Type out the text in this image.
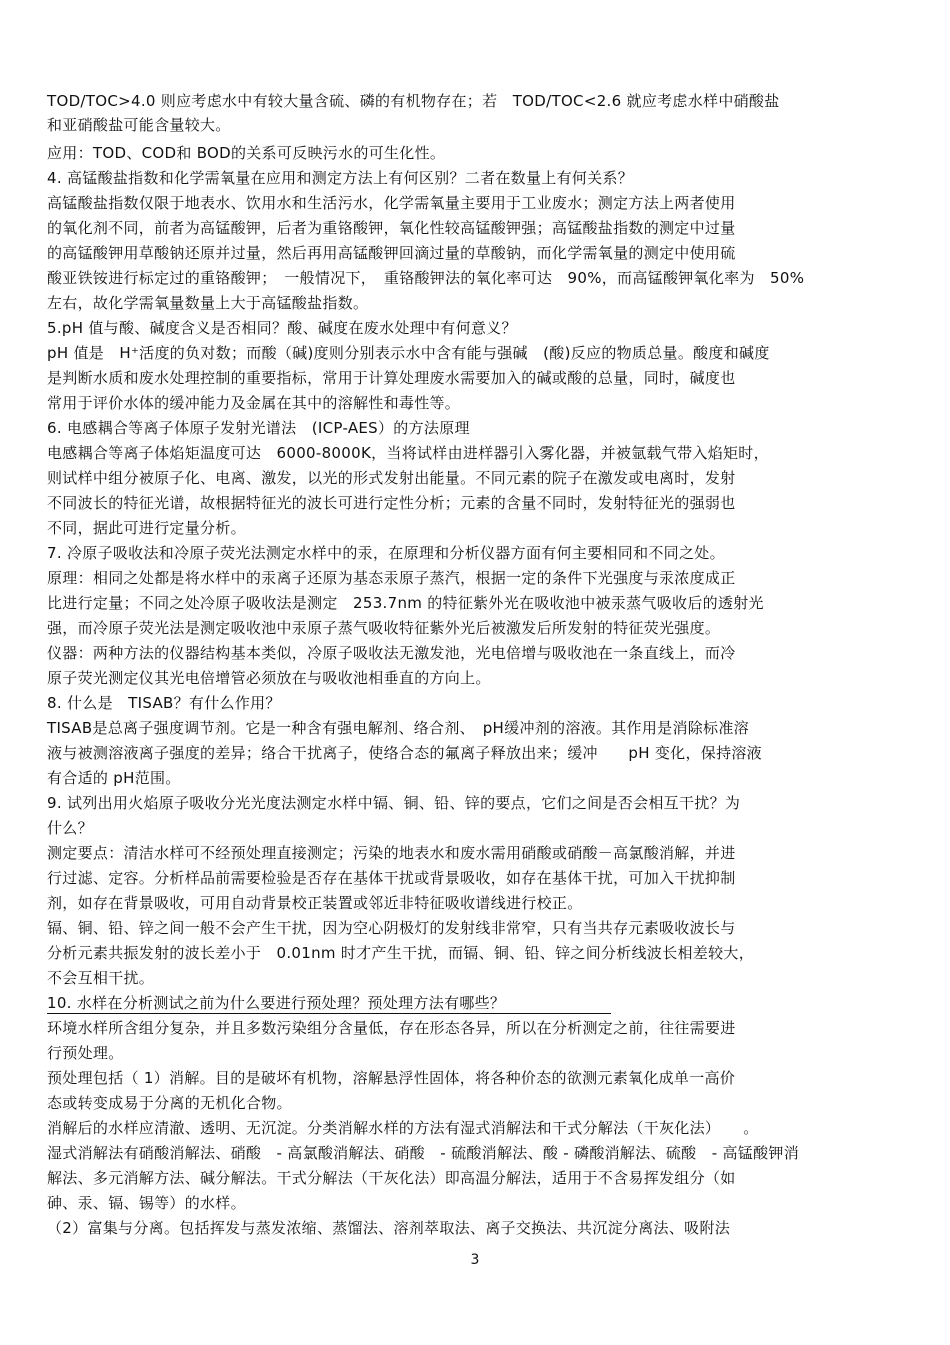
TOD/TOC>4.0 则应考虑水中有较大量含硫、磷的有机物存在；若　TOD/TOC<2.6 就应考虑水样中硝酸盐
和亚硝酸盐可能含量较大。
应用：TOD、COD和 BOD的关系可反映污水的可生化性。
4. 高锰酸盐指数和化学需氧量在应用和测定方法上有何区别？二者在数量上有何关系？
高锰酸盐指数仅限于地表水、饮用水和生活污水，化学需氧量主要用于工业废水；测定方法上两者使用
的氧化剂不同，前者为高锰酸钾，后者为重铬酸钾，氧化性较高锰酸钾强；高锰酸盐指数的测定中过量
的高锰酸钾用草酸钠还原并过量，然后再用高锰酸钾回滴过量的草酸钠，而化学需氧量的测定中使用硫
酸亚铁铵进行标定过的重铬酸钾；　一般情况下，　重铬酸钾法的氧化率可达　90%，而高锰酸钾氧化率为　50%
左右，故化学需氧量数量上大于高锰酸盐指数。
5.pH 值与酸、碱度含义是否相同？酸、碱度在废水处理中有何意义？
pH 值是　H⁺活度的负对数；而酸（碱)度则分别表示水中含有能与强碱　(酸)反应的物质总量。酸度和碱度
是判断水质和废水处理控制的重要指标，常用于计算处理废水需要加入的碱或酸的总量，同时，碱度也
常用于评价水体的缓冲能力及金属在其中的溶解性和毒性等。
6. 电感耦合等离子体原子发射光谱法　(ICP-AES）的方法原理
电感耦合等离子体焰矩温度可达　6000-8000K，当将试样由进样器引入雾化器，并被氩载气带入焰矩时，
则试样中组分被原子化、电离、激发，以光的形式发射出能量。不同元素的院子在激发或电离时，发射
不同波长的特征光谱，故根据特征光的波长可进行定性分析；元素的含量不同时，发射特征光的强弱也
不同，据此可进行定量分析。
7. 冷原子吸收法和冷原子荧光法测定水样中的汞，在原理和分析仪器方面有何主要相同和不同之处。
原理：相同之处都是将水样中的汞离子还原为基态汞原子蒸汽，根据一定的条件下光强度与汞浓度成正
比进行定量；不同之处冷原子吸收法是测定　253.7nm 的特征紫外光在吸收池中被汞蒸气吸收后的透射光
强，而冷原子荧光法是测定吸收池中汞原子蒸气吸收特征紫外光后被激发后所发射的特征荧光强度。
仪器：两种方法的仪器结构基本类似，冷原子吸收法无激发池，光电倍增与吸收池在一条直线上，而冷
原子荧光测定仪其光电倍增管必须放在与吸收池相垂直的方向上。
8. 什么是　TISAB？有什么作用？
TISAB是总离子强度调节剂。它是一种含有强电解剂、络合剂、　pH缓冲剂的溶液。其作用是消除标准溶
液与被测溶液离子强度的差异；络合干扰离子，使络合态的氟离子释放出来；缓冲　　pH 变化，保持溶液
有合适的 pH范围。
9. 试列出用火焰原子吸收分光光度法测定水样中镉、铜、铅、锌的要点，它们之间是否会相互干扰？为
什么？
测定要点：清洁水样可不经预处理直接测定；污染的地表水和废水需用硝酸或硝酸－高氯酸消解，并进
行过滤、定容。分析样品前需要检验是否存在基体干扰或背景吸收，如存在基体干扰，可加入干扰抑制
剂，如存在背景吸收，可用自动背景校正装置或邻近非特征吸收谱线进行校正。
镉、铜、铅、锌之间一般不会产生干扰，因为空心阴极灯的发射线非常窄，只有当共存元素吸收波长与
分析元素共振发射的波长差小于　0.01nm 时才产生干扰，而镉、铜、铅、锌之间分析线波长相差较大，
不会互相干扰。
10. 水样在分析测试之前为什么要进行预处理？预处理方法有哪些？
环境水样所含组分复杂，并且多数污染组分含量低，存在形态各异，所以在分析测定之前，往往需要进
行预处理。
预处理包括（ 1）消解。目的是破坏有机物，溶解悬浮性固体，将各种价态的欲测元素氧化成单一高价
态或转变成易于分离的无机化合物。
消解后的水样应清澈、透明、无沉淀。分类消解水样的方法有湿式消解法和干式分解法（干灰化法）　　。
湿式消解法有硝酸消解法、硝酸　- 高氯酸消解法、硝酸　- 硫酸消解法、酸 - 磷酸消解法、硫酸　- 高锰酸钾消
解法、多元消解方法、碱分解法。干式分解法（干灰化法）即高温分解法，适用于不含易挥发组分（如
砷、汞、镉、锡等）的水样。
（2）富集与分离。包括挥发与蒸发浓缩、蒸馏法、溶剂萃取法、离子交换法、共沉淀分离法、吸附法
3
